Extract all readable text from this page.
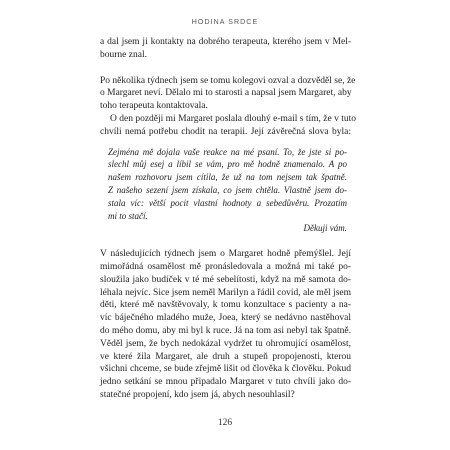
HODINA SRDCE
a dal jsem ji kontakty na dobrého terapeuta, kterého jsem v Mel-
bourne znal.
Po několika týdnech jsem se tomu kolegovi ozval a dozvěděl se, že
o Margaret neví. Dělalo mi to starosti a napsal jsem Margaret, aby
toho terapeuta kontaktovala.
O den později mi Margaret poslala dlouhý e-mail s tím, že v tuto
chvíli nemá potřebu chodit na terapii. Její závěrečná slova byla:
Zejména mě dojala vaše reakce na mé psaní. To, že jste si po-
slechl můj esej a líbil se vám, pro mě hodně znamenalo. A po
našem rozhovoru jsem cítila, že už na tom nejsem tak špatně.
Z našeho sezení jsem získala, co jsem chtěla. Vlastně jsem do-
stala víc: větší pocit vlastní hodnoty a sebedůvěru. Prozatím
mi to stačí.
Děkuji vám.
V následujících týdnech jsem o Margaret hodně přemýšlel. Její
mimořádná osamělost mě pronásledovala a možná mi také po-
sloužila jako budíček v té mé sebelítosti, když na mě samota do-
léhala nejvíc. Sice jsem neměl Marilyn a řádil covid, ale měl jsem
děti, které mě navštěvovaly, k tomu konzultace s pacienty a na-
víc báječného mladého muže, Joea, který se nedávno nastěhoval
do mého domu, aby mi byl k ruce. Já na tom asi nebyl tak špatně.
Věděl jsem, že bych nedokázal vydržet tu ohromující osamělost,
ve které žila Margaret, ale druh a stupeň propojenosti, kterou
všichni chceme, se bude zřejmě lišit od člověka k člověku. Pokud
jedno setkání se mnou připadalo Margaret v tuto chvíli jako do-
statečné propojení, kdo jsem já, abych nesouhlasil?
126
